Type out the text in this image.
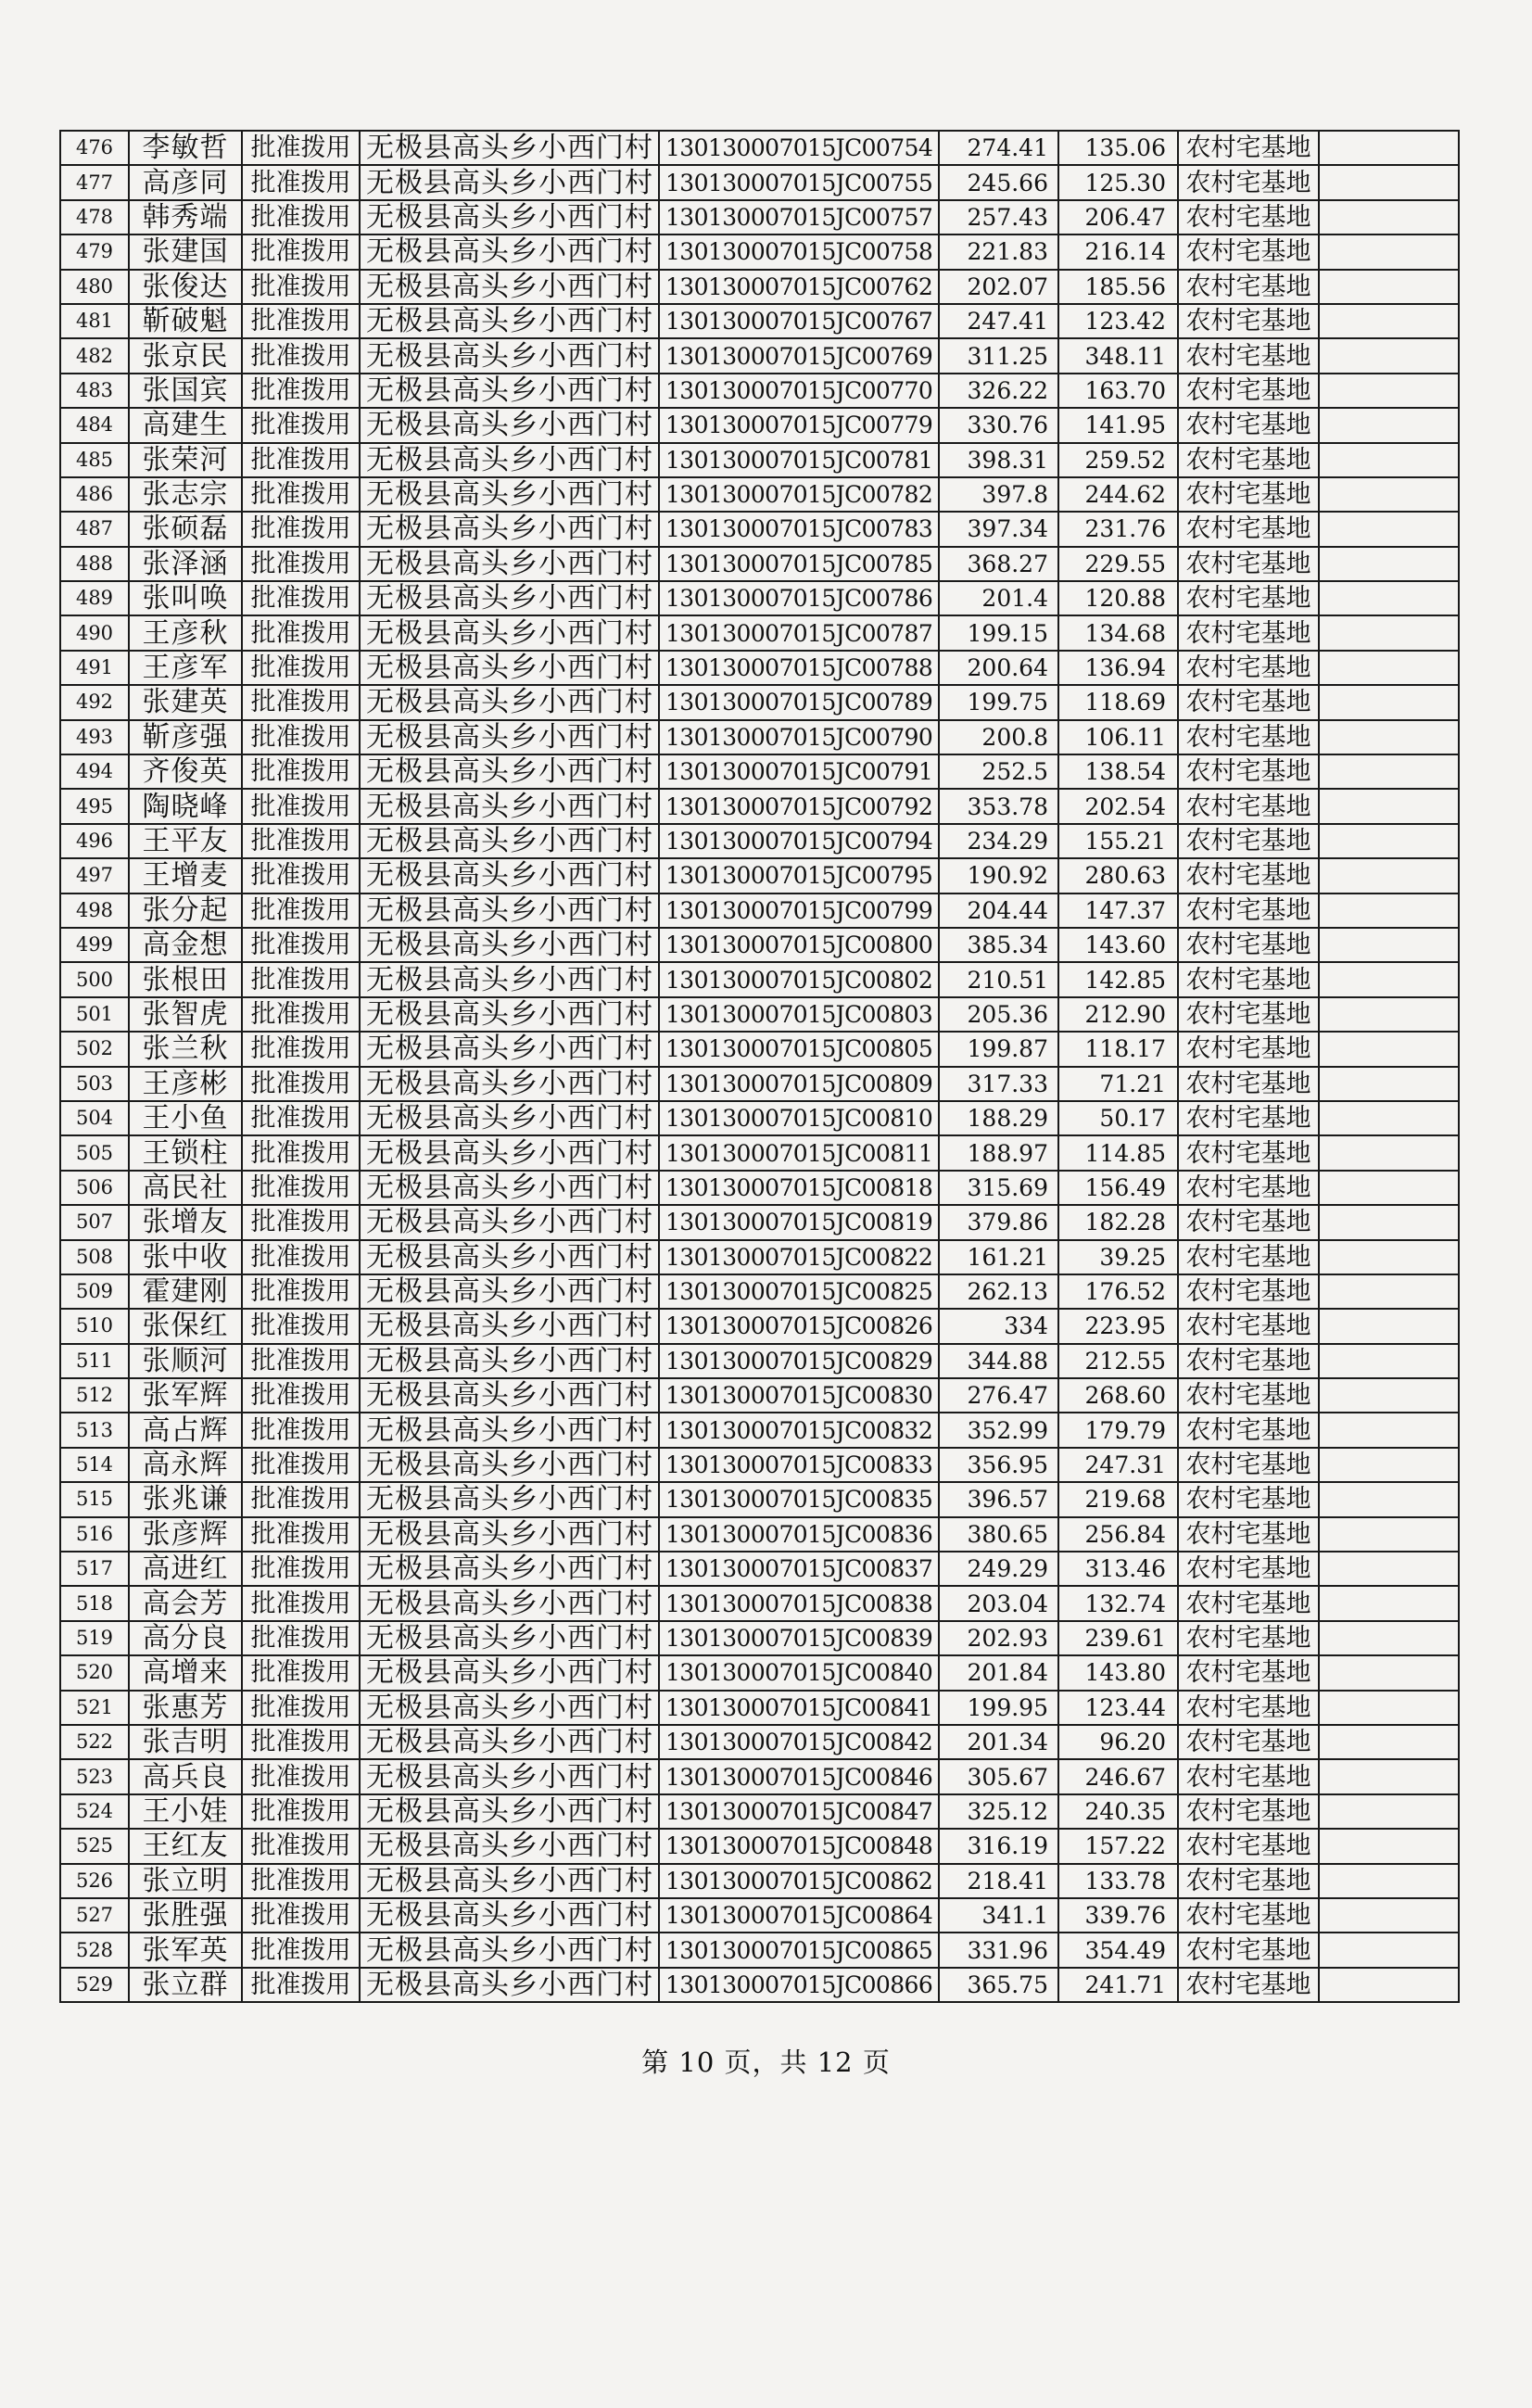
476	李敏哲	批准拨用	无极县高头乡小西门村	130130007015JC00754	274.41	135.06	农村宅基地	
477	高彦同	批准拨用	无极县高头乡小西门村	130130007015JC00755	245.66	125.30	农村宅基地	
478	韩秀端	批准拨用	无极县高头乡小西门村	130130007015JC00757	257.43	206.47	农村宅基地	
479	张建国	批准拨用	无极县高头乡小西门村	130130007015JC00758	221.83	216.14	农村宅基地	
480	张俊达	批准拨用	无极县高头乡小西门村	130130007015JC00762	202.07	185.56	农村宅基地	
481	靳破魁	批准拨用	无极县高头乡小西门村	130130007015JC00767	247.41	123.42	农村宅基地	
482	张京民	批准拨用	无极县高头乡小西门村	130130007015JC00769	311.25	348.11	农村宅基地	
483	张国宾	批准拨用	无极县高头乡小西门村	130130007015JC00770	326.22	163.70	农村宅基地	
484	高建生	批准拨用	无极县高头乡小西门村	130130007015JC00779	330.76	141.95	农村宅基地	
485	张荣河	批准拨用	无极县高头乡小西门村	130130007015JC00781	398.31	259.52	农村宅基地	
486	张志宗	批准拨用	无极县高头乡小西门村	130130007015JC00782	397.8	244.62	农村宅基地	
487	张硕磊	批准拨用	无极县高头乡小西门村	130130007015JC00783	397.34	231.76	农村宅基地	
488	张泽涵	批准拨用	无极县高头乡小西门村	130130007015JC00785	368.27	229.55	农村宅基地	
489	张叫唤	批准拨用	无极县高头乡小西门村	130130007015JC00786	201.4	120.88	农村宅基地	
490	王彦秋	批准拨用	无极县高头乡小西门村	130130007015JC00787	199.15	134.68	农村宅基地	
491	王彦军	批准拨用	无极县高头乡小西门村	130130007015JC00788	200.64	136.94	农村宅基地	
492	张建英	批准拨用	无极县高头乡小西门村	130130007015JC00789	199.75	118.69	农村宅基地	
493	靳彦强	批准拨用	无极县高头乡小西门村	130130007015JC00790	200.8	106.11	农村宅基地	
494	齐俊英	批准拨用	无极县高头乡小西门村	130130007015JC00791	252.5	138.54	农村宅基地	
495	陶晓峰	批准拨用	无极县高头乡小西门村	130130007015JC00792	353.78	202.54	农村宅基地	
496	王平友	批准拨用	无极县高头乡小西门村	130130007015JC00794	234.29	155.21	农村宅基地	
497	王增麦	批准拨用	无极县高头乡小西门村	130130007015JC00795	190.92	280.63	农村宅基地	
498	张分起	批准拨用	无极县高头乡小西门村	130130007015JC00799	204.44	147.37	农村宅基地	
499	高金想	批准拨用	无极县高头乡小西门村	130130007015JC00800	385.34	143.60	农村宅基地	
500	张根田	批准拨用	无极县高头乡小西门村	130130007015JC00802	210.51	142.85	农村宅基地	
501	张智虎	批准拨用	无极县高头乡小西门村	130130007015JC00803	205.36	212.90	农村宅基地	
502	张兰秋	批准拨用	无极县高头乡小西门村	130130007015JC00805	199.87	118.17	农村宅基地	
503	王彦彬	批准拨用	无极县高头乡小西门村	130130007015JC00809	317.33	71.21	农村宅基地	
504	王小鱼	批准拨用	无极县高头乡小西门村	130130007015JC00810	188.29	50.17	农村宅基地	
505	王锁柱	批准拨用	无极县高头乡小西门村	130130007015JC00811	188.97	114.85	农村宅基地	
506	高民社	批准拨用	无极县高头乡小西门村	130130007015JC00818	315.69	156.49	农村宅基地	
507	张增友	批准拨用	无极县高头乡小西门村	130130007015JC00819	379.86	182.28	农村宅基地	
508	张中收	批准拨用	无极县高头乡小西门村	130130007015JC00822	161.21	39.25	农村宅基地	
509	霍建刚	批准拨用	无极县高头乡小西门村	130130007015JC00825	262.13	176.52	农村宅基地	
510	张保红	批准拨用	无极县高头乡小西门村	130130007015JC00826	334	223.95	农村宅基地	
511	张顺河	批准拨用	无极县高头乡小西门村	130130007015JC00829	344.88	212.55	农村宅基地	
512	张军辉	批准拨用	无极县高头乡小西门村	130130007015JC00830	276.47	268.60	农村宅基地	
513	高占辉	批准拨用	无极县高头乡小西门村	130130007015JC00832	352.99	179.79	农村宅基地	
514	高永辉	批准拨用	无极县高头乡小西门村	130130007015JC00833	356.95	247.31	农村宅基地	
515	张兆谦	批准拨用	无极县高头乡小西门村	130130007015JC00835	396.57	219.68	农村宅基地	
516	张彦辉	批准拨用	无极县高头乡小西门村	130130007015JC00836	380.65	256.84	农村宅基地	
517	高进红	批准拨用	无极县高头乡小西门村	130130007015JC00837	249.29	313.46	农村宅基地	
518	高会芳	批准拨用	无极县高头乡小西门村	130130007015JC00838	203.04	132.74	农村宅基地	
519	高分良	批准拨用	无极县高头乡小西门村	130130007015JC00839	202.93	239.61	农村宅基地	
520	高增来	批准拨用	无极县高头乡小西门村	130130007015JC00840	201.84	143.80	农村宅基地	
521	张惠芳	批准拨用	无极县高头乡小西门村	130130007015JC00841	199.95	123.44	农村宅基地	
522	张吉明	批准拨用	无极县高头乡小西门村	130130007015JC00842	201.34	96.20	农村宅基地	
523	高兵良	批准拨用	无极县高头乡小西门村	130130007015JC00846	305.67	246.67	农村宅基地	
524	王小娃	批准拨用	无极县高头乡小西门村	130130007015JC00847	325.12	240.35	农村宅基地	
525	王红友	批准拨用	无极县高头乡小西门村	130130007015JC00848	316.19	157.22	农村宅基地	
526	张立明	批准拨用	无极县高头乡小西门村	130130007015JC00862	218.41	133.78	农村宅基地	
527	张胜强	批准拨用	无极县高头乡小西门村	130130007015JC00864	341.1	339.76	农村宅基地	
528	张军英	批准拨用	无极县高头乡小西门村	130130007015JC00865	331.96	354.49	农村宅基地	
529	张立群	批准拨用	无极县高头乡小西门村	130130007015JC00866	365.75	241.71	农村宅基地	
第 10 页，共 12 页
